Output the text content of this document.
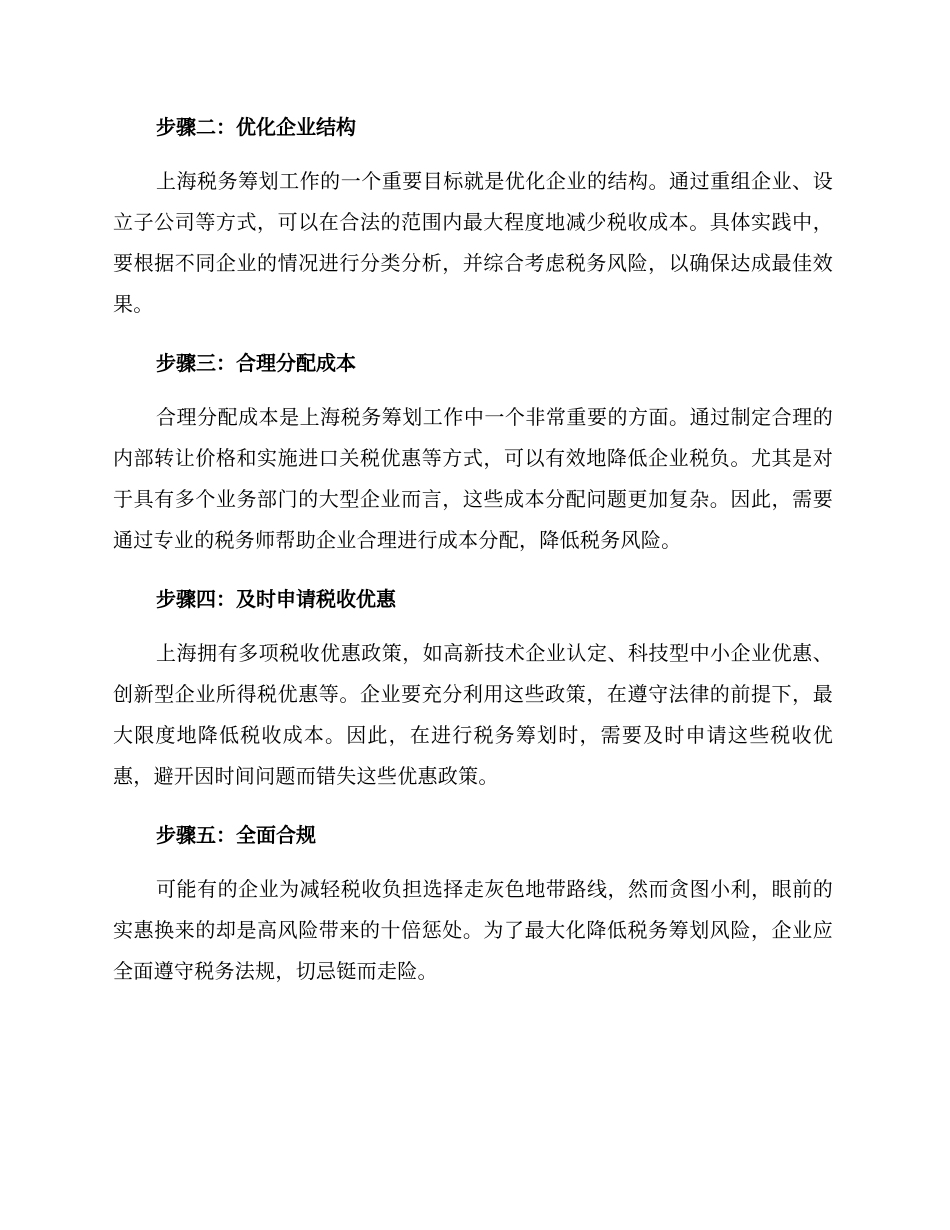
步骤二：优化企业结构

上海税务筹划工作的一个重要目标就是优化企业的结构。通过重组企业、设立子公司等方式，可以在合法的范围内最大程度地减少税收成本。具体实践中，要根据不同企业的情况进行分类分析，并综合考虑税务风险，以确保达成最佳效果。

步骤三：合理分配成本

合理分配成本是上海税务筹划工作中一个非常重要的方面。通过制定合理的内部转让价格和实施进口关税优惠等方式，可以有效地降低企业税负。尤其是对于具有多个业务部门的大型企业而言，这些成本分配问题更加复杂。因此，需要通过专业的税务师帮助企业合理进行成本分配，降低税务风险。

步骤四：及时申请税收优惠

上海拥有多项税收优惠政策，如高新技术企业认定、科技型中小企业优惠、创新型企业所得税优惠等。企业要充分利用这些政策，在遵守法律的前提下，最大限度地降低税收成本。因此，在进行税务筹划时，需要及时申请这些税收优惠，避开因时间问题而错失这些优惠政策。

步骤五：全面合规

可能有的企业为减轻税收负担选择走灰色地带路线，然而贪图小利，眼前的实惠换来的却是高风险带来的十倍惩处。为了最大化降低税务筹划风险，企业应全面遵守税务法规，切忌铤而走险。
